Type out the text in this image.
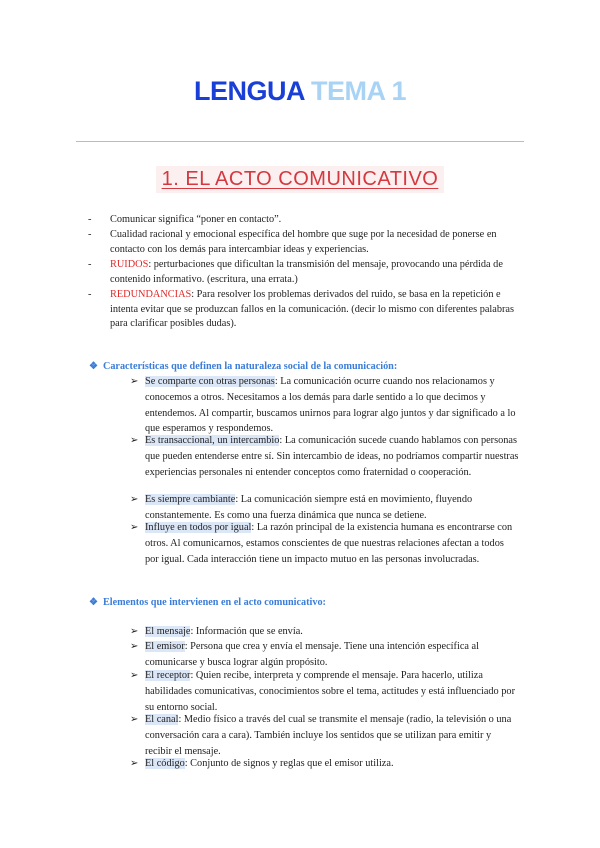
LENGUA TEMA 1
1. EL ACTO COMUNICATIVO
- Comunicar significa “poner en contacto”.
- Cualidad racional y emocional específica del hombre que suge por la necesidad de ponerse en contacto con los demás para intercambiar ideas y experiencias.
- RUIDOS: perturbaciones que dificultan la transmisión del mensaje, provocando una pérdida de contenido informativo. (escritura, una errata.)
- REDUNDANCIAS: Para resolver los problemas derivados del ruido, se basa en la repetición e intenta evitar que se produzcan fallos en la comunicación. (decir lo mismo con diferentes palabras para clarificar posibles dudas).
❖ Características que definen la naturaleza social de la comunicación:
➢ Se comparte con otras personas: La comunicación ocurre cuando nos relacionamos y conocemos a otros. Necesitamos a los demás para darle sentido a lo que decimos y entendemos. Al compartir, buscamos unirnos para lograr algo juntos y dar significado a lo que esperamos y respondemos.
➢ Es transaccional, un intercambio: La comunicación sucede cuando hablamos con personas que pueden entenderse entre sí. Sin intercambio de ideas, no podríamos compartir nuestras experiencias personales ni entender conceptos como fraternidad o cooperación.
➢ Es siempre cambiante: La comunicación siempre está en movimiento, fluyendo constantemente. Es como una fuerza dinámica que nunca se detiene.
➢ Influye en todos por igual: La razón principal de la existencia humana es encontrarse con otros. Al comunicarnos, estamos conscientes de que nuestras relaciones afectan a todos por igual. Cada interacción tiene un impacto mutuo en las personas involucradas.
❖ Elementos que intervienen en el acto comunicativo:
➢ El mensaje: Información que se envía.
➢ El emisor: Persona que crea y envía el mensaje. Tiene una intención específica al comunicarse y busca lograr algún propósito.
➢ El receptor: Quien recibe, interpreta y comprende el mensaje. Para hacerlo, utiliza habilidades comunicativas, conocimientos sobre el tema, actitudes y está influenciado por su entorno social.
➢ El canal: Medio físico a través del cual se transmite el mensaje (radio, la televisión o una conversación cara a cara). También incluye los sentidos que se utilizan para emitir y recibir el mensaje.
➢ El código: Conjunto de signos y reglas que el emisor utiliza.
